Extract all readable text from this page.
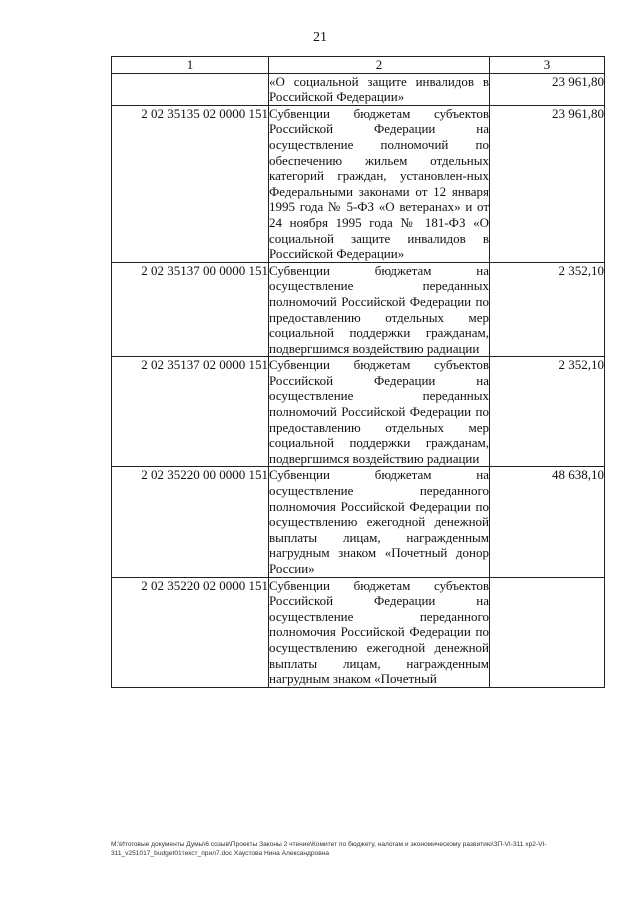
21
1	2	3

	«О социальной защите инвалидов в Российской Федерации»	23 961,80
2 02 35135 02 0000 151	Субвенции бюджетам субъектов Российской Федерации на осуществление полномочий по обеспечению жильем отдельных категорий граждан, установлен-ных Федеральными законами от 12 января 1995 года № 5-ФЗ «О ветеранах» и от 24 ноября 1995 года № 181-ФЗ «О социальной защите инвалидов в Российской Федерации»	23 961,80
2 02 35137 00 0000 151	Субвенции бюджетам на осуществление переданных полномочий Российской Федерации по предоставлению отдельных мер социальной поддержки гражданам, подвергшимся воздействию радиации	2 352,10
2 02 35137 02 0000 151	Субвенции бюджетам субъектов Российской Федерации на осуществление переданных полномочий Российской Федерации по предоставлению отдельных мер социальной поддержки гражданам, подвергшимся воздействию радиации	2 352,10
2 02 35220 00 0000 151	Субвенции бюджетам на осуществление переданного полномочия Российской Федерации по осуществлению ежегодной денежной выплаты лицам, награжденным нагрудным знаком «Почетный донор России»	48 638,10
2 02 35220 02 0000 151	Субвенции бюджетам субъектов Российской Федерации на осуществление переданного полномочия Российской Федерации по осуществлению ежегодной денежной выплаты лицам, награжденным нагрудным знаком «Почетный	

M:\Итоговые документы Думы\6 созыв\Проекты Законы 2 чтение\Комитет по бюджету, налогам и экономическому развитию\ЗП-VI-311 хр2-VI-
311_v251017_budget01текст_прил7.doc Хаустова Нина Александровна
